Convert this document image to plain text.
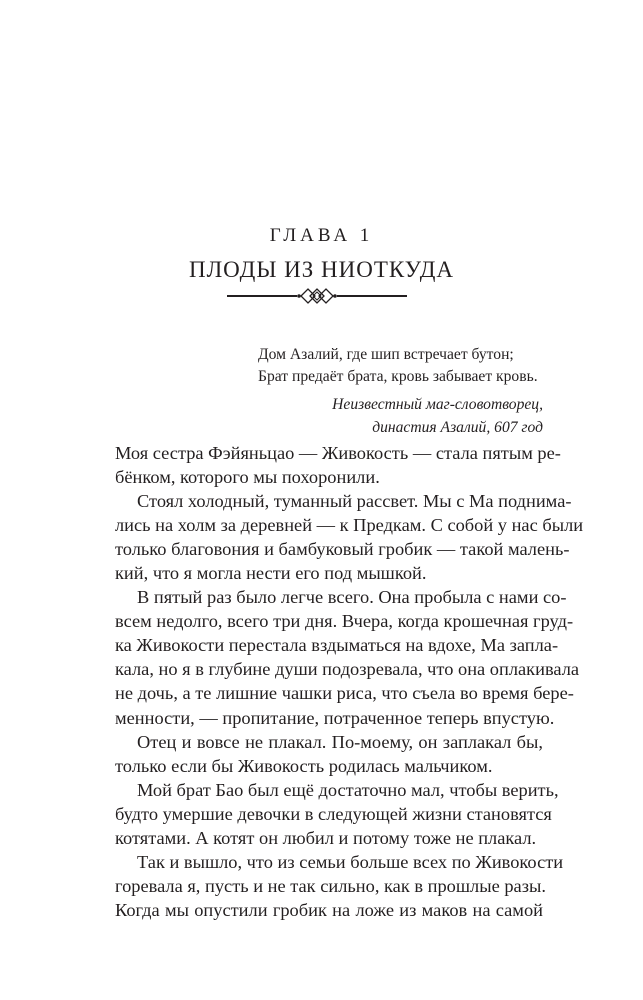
ГЛАВА 1
ПЛОДЫ ИЗ НИОТКУДА
Дом Азалий, где шип встречает бутон;
Брат предаёт брата, кровь забывает кровь.
Неизвестный маг-словотворец,
династия Азалий, 607 год
Моя сестра Фэйяньцао — Живокость — стала пятым ре-
бёнком, которого мы похоронили.
Стоял холодный, туманный рассвет. Мы с Ма поднима-
лись на холм за деревней — к Предкам. С собой у нас были
только благовония и бамбуковый гробик — такой малень-
кий, что я могла нести его под мышкой.
В пятый раз было легче всего. Она пробыла с нами со-
всем недолго, всего три дня. Вчера, когда крошечная груд-
ка Живокости перестала вздыматься на вдохе, Ма запла-
кала, но я в глубине души подозревала, что она оплакивала
не дочь, а те лишние чашки риса, что съела во время бере-
менности, — пропитание, потраченное теперь впустую.
Отец и вовсе не плакал. По-моему, он заплакал бы,
только если бы Живокость родилась мальчиком.
Мой брат Бао был ещё достаточно мал, чтобы верить,
будто умершие девочки в следующей жизни становятся
котятами. А котят он любил и потому тоже не плакал.
Так и вышло, что из семьи больше всех по Живокости
горевала я, пусть и не так сильно, как в прошлые разы.
Когда мы опустили гробик на ложе из маков на самой
